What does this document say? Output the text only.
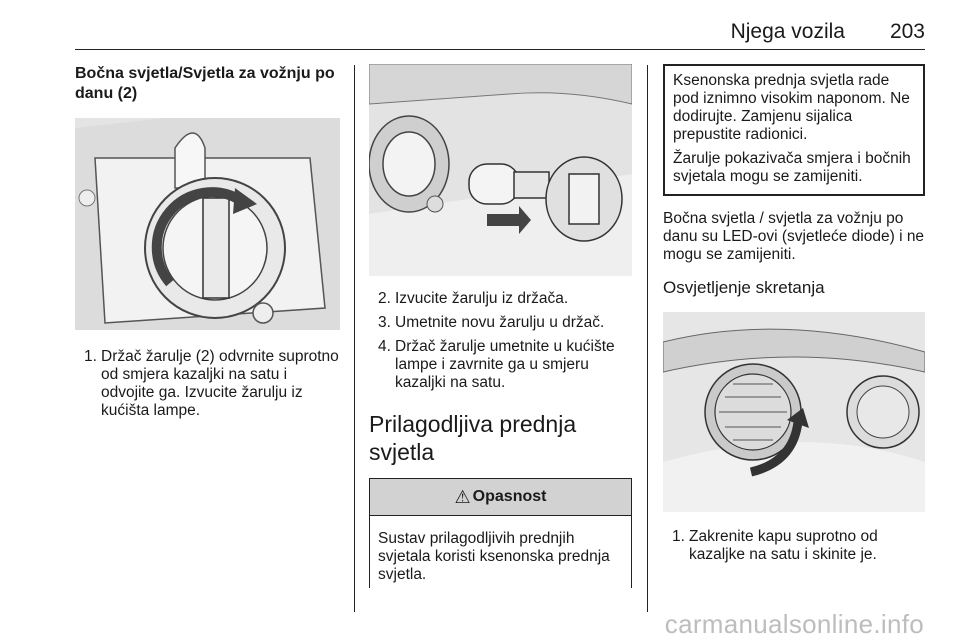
Njega vozila 203
Bočna svjetla/Svjetla za vožnju po danu (2)
1. Držač žarulje (2) odvrnite suprotno od smjera kazaljki na satu i odvojite ga. Izvucite žarulju iz kućišta lampe.
2. Izvucite žarulju iz držača.
3. Umetnite novu žarulju u držač.
4. Držač žarulje umetnite u kućište lampe i zavrnite ga u smjeru kazaljki na satu.
Prilagodljiva prednja svjetla
⚠ Opasnost
Sustav prilagodljivih prednjih svjetala koristi ksenonska prednja svjetla.

Ksenonska prednja svjetla rade pod iznimno visokim naponom. Ne dodirujte. Zamjenu sijalica prepustite radionici.

Žarulje pokazivača smjera i bočnih svjetala mogu se zamijeniti.

Bočna svjetla / svjetla za vožnju po danu su LED-ovi (svjetleće diode) i ne mogu se zamijeniti.

Osvjetljenje skretanja
1. Zakrenite kapu suprotno od kazaljke na satu i skinite je.
carmanualsonline.info
